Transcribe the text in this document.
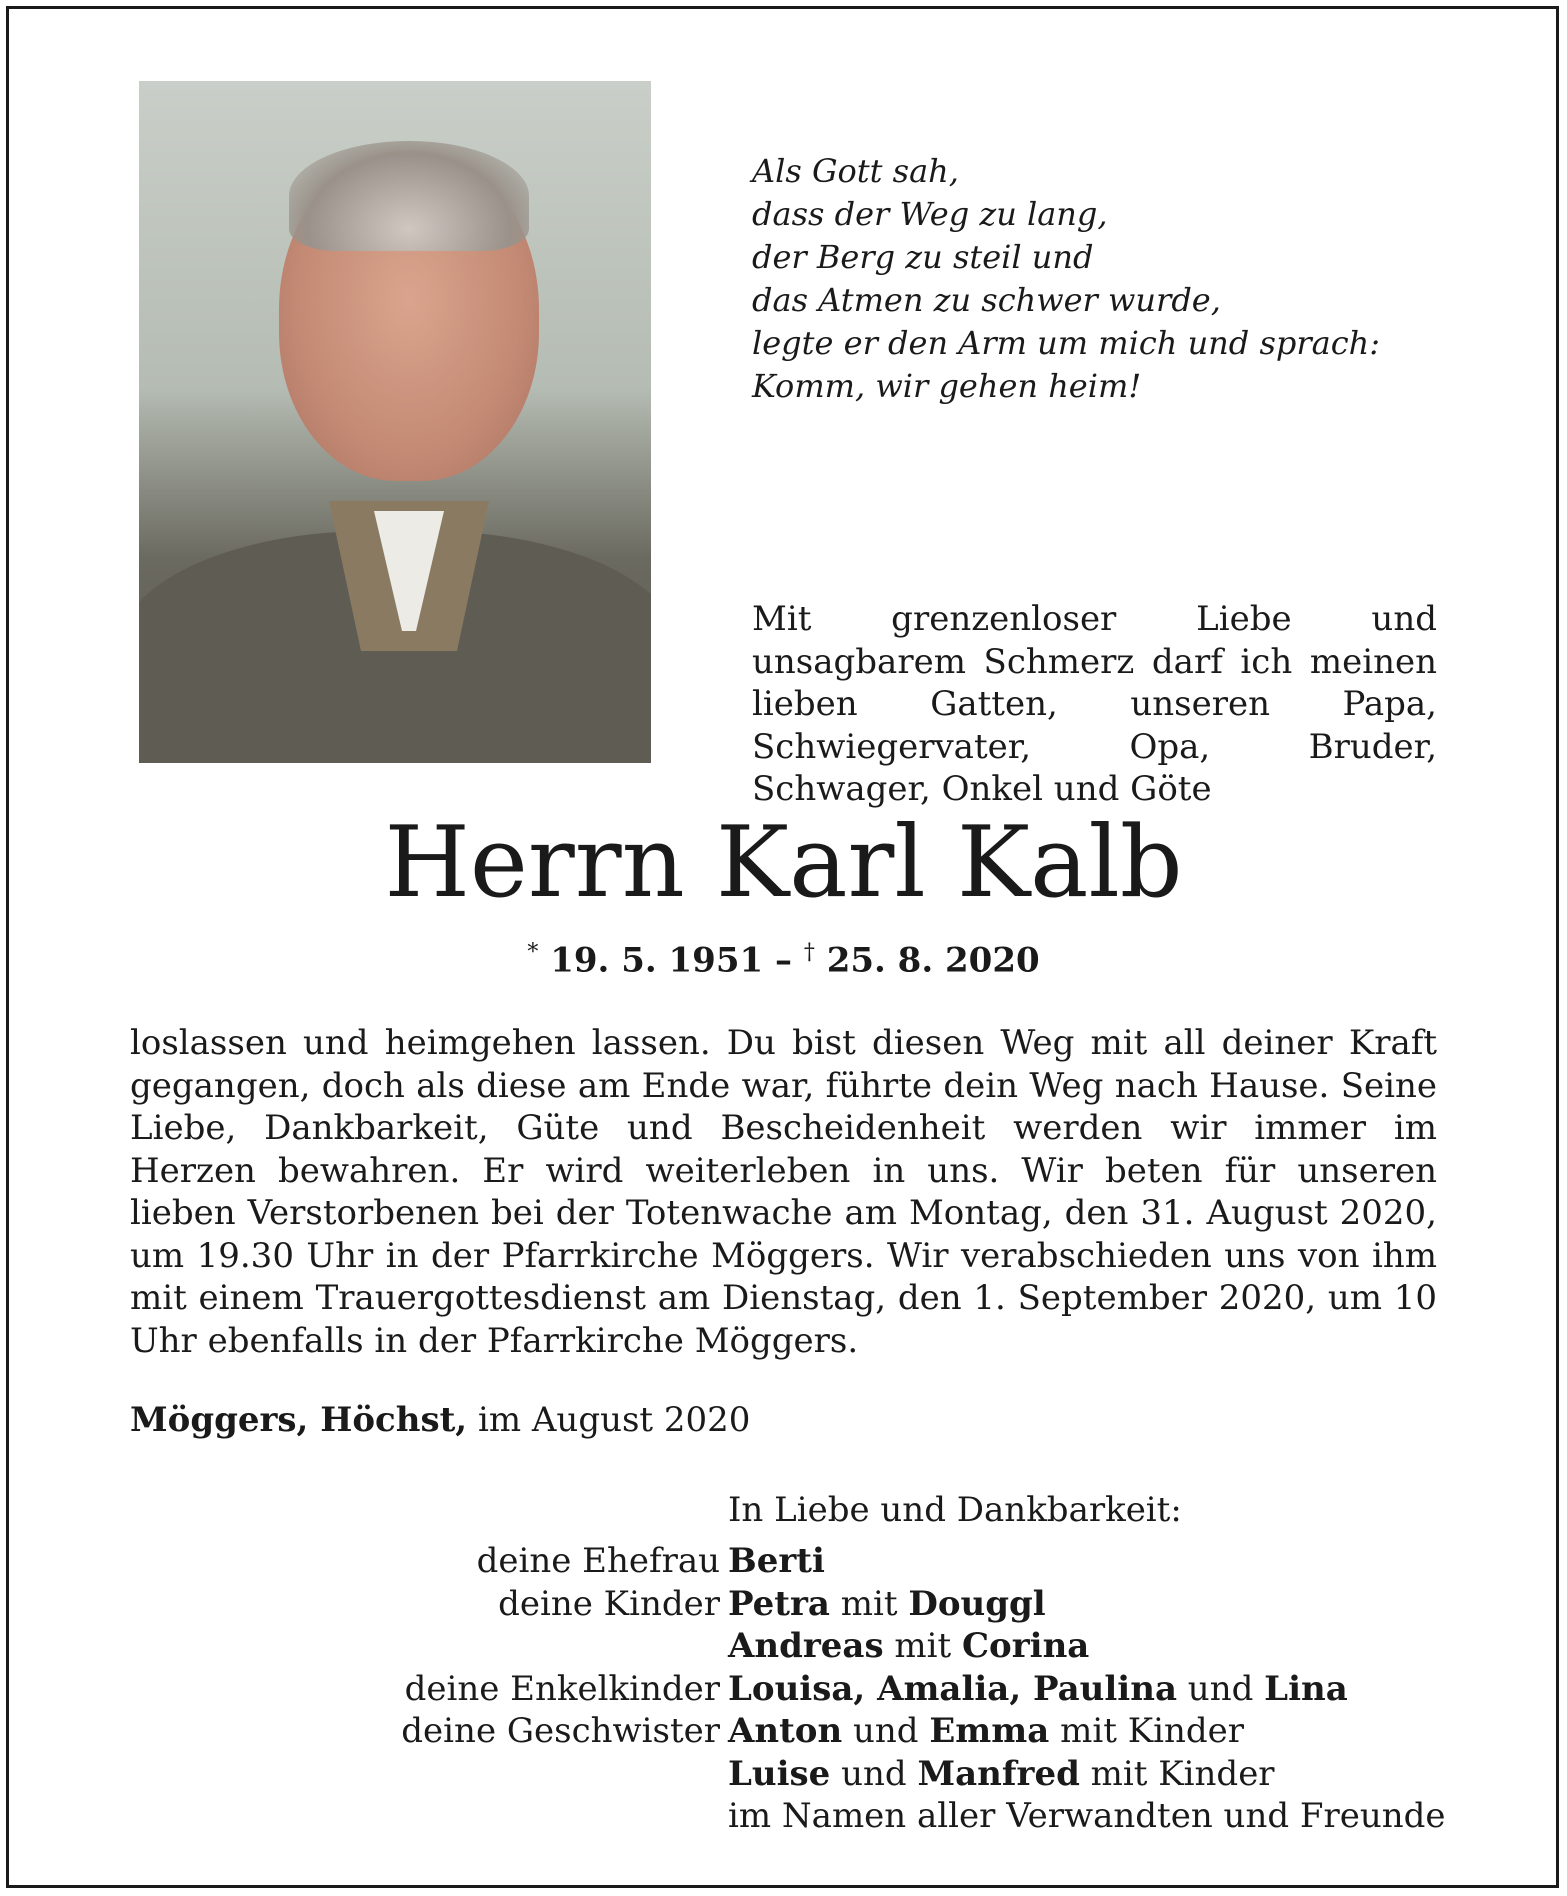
Als Gott sah,
dass der Weg zu lang,
der Berg zu steil und
das Atmen zu schwer wurde,
legte er den Arm um mich und sprach:
Komm, wir gehen heim!
Mit grenzenloser Liebe und unsagbarem Schmerz darf ich meinen lieben Gatten, unseren Papa, Schwiegervater, Opa, Bruder, Schwager, Onkel und Göte
Herrn Karl Kalb
* 19. 5. 1951 – † 25. 8. 2020
loslassen und heimgehen lassen. Du bist diesen Weg mit all deiner Kraft gegangen, doch als diese am Ende war, führte dein Weg nach Hause. Seine Liebe, Dankbarkeit, Güte und Bescheidenheit werden wir immer im Herzen bewahren. Er wird weiterleben in uns. Wir beten für unseren lieben Verstorbenen bei der Totenwache am Montag, den 31. August 2020, um 19.30 Uhr in der Pfarrkirche Möggers. Wir verabschieden uns von ihm mit einem Trauergottesdienst am Dienstag, den 1. September 2020, um 10 Uhr ebenfalls in der Pfarrkirche Möggers.
Möggers, Höchst, im August 2020
In Liebe und Dankbarkeit:
deine Ehefrau Berti
deine Kinder Petra mit Douggl
Andreas mit Corina
deine Enkelkinder Louisa, Amalia, Paulina und Lina
deine Geschwister Anton und Emma mit Kinder
Luise und Manfred mit Kinder
im Namen aller Verwandten und Freunde
